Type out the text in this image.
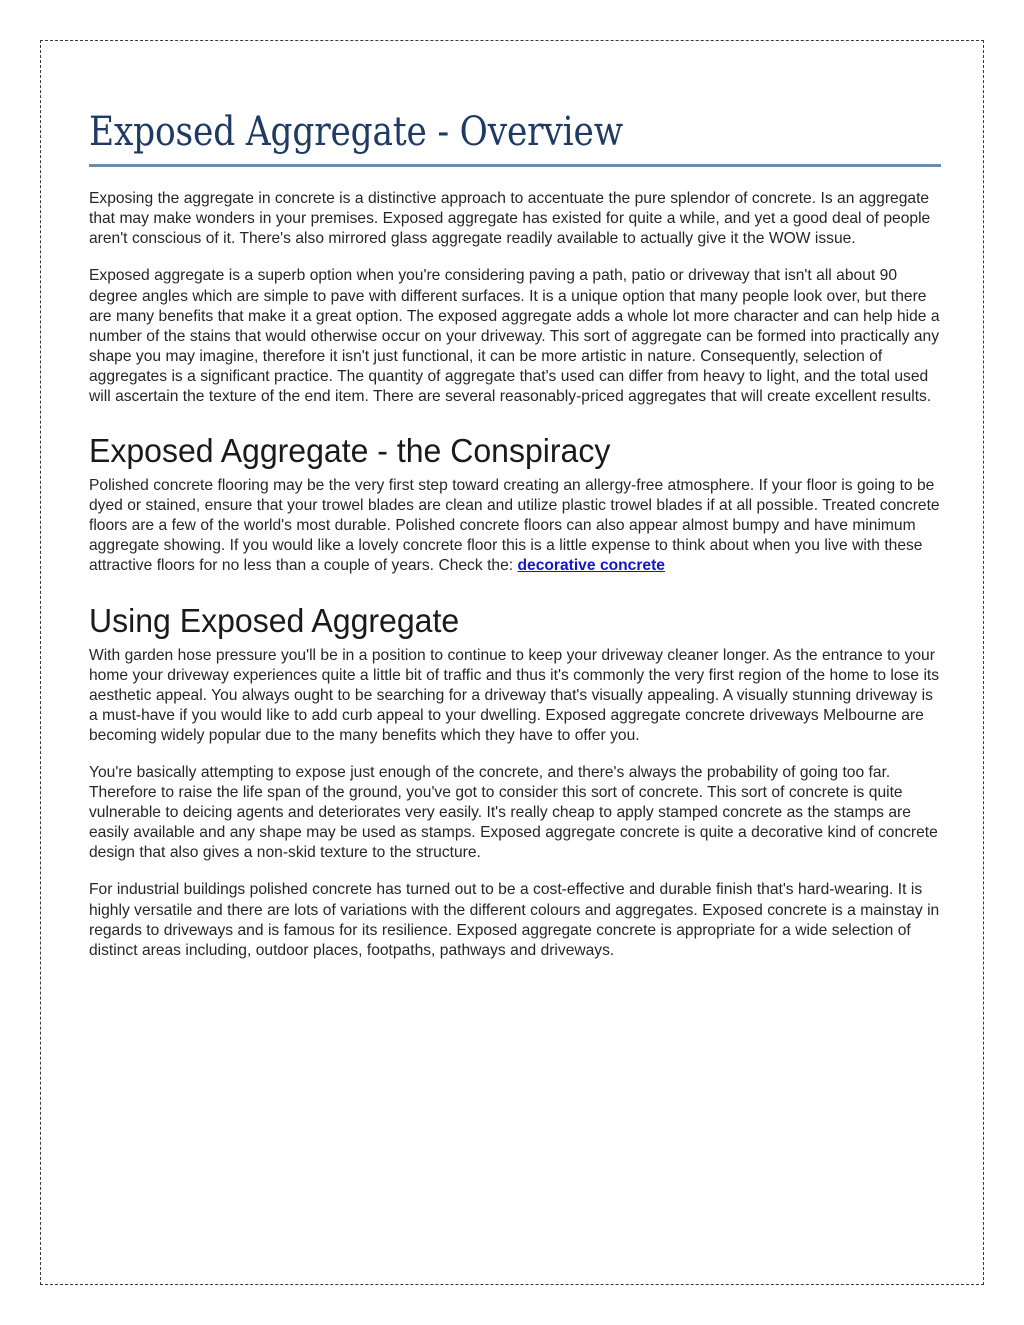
Exposed Aggregate - Overview

Exposing the aggregate in concrete is a distinctive approach to accentuate the pure splendor of concrete. Is an aggregate that may make wonders in your premises. Exposed aggregate has existed for quite a while, and yet a good deal of people aren't conscious of it. There's also mirrored glass aggregate readily available to actually give it the WOW issue.

Exposed aggregate is a superb option when you're considering paving a path, patio or driveway that isn't all about 90 degree angles which are simple to pave with different surfaces. It is a unique option that many people look over, but there are many benefits that make it a great option. The exposed aggregate adds a whole lot more character and can help hide a number of the stains that would otherwise occur on your driveway. This sort of aggregate can be formed into practically any shape you may imagine, therefore it isn't just functional, it can be more artistic in nature. Consequently, selection of aggregates is a significant practice. The quantity of aggregate that's used can differ from heavy to light, and the total used will ascertain the texture of the end item. There are several reasonably-priced aggregates that will create excellent results.

Exposed Aggregate - the Conspiracy

Polished concrete flooring may be the very first step toward creating an allergy-free atmosphere. If your floor is going to be dyed or stained, ensure that your trowel blades are clean and utilize plastic trowel blades if at all possible. Treated concrete floors are a few of the world's most durable. Polished concrete floors can also appear almost bumpy and have minimum aggregate showing. If you would like a lovely concrete floor this is a little expense to think about when you live with these attractive floors for no less than a couple of years. Check the: decorative concrete

Using Exposed Aggregate

With garden hose pressure you'll be in a position to continue to keep your driveway cleaner longer. As the entrance to your home your driveway experiences quite a little bit of traffic and thus it's commonly the very first region of the home to lose its aesthetic appeal. You always ought to be searching for a driveway that's visually appealing. A visually stunning driveway is a must-have if you would like to add curb appeal to your dwelling. Exposed aggregate concrete driveways Melbourne are becoming widely popular due to the many benefits which they have to offer you.

You're basically attempting to expose just enough of the concrete, and there's always the probability of going too far. Therefore to raise the life span of the ground, you've got to consider this sort of concrete. This sort of concrete is quite vulnerable to deicing agents and deteriorates very easily. It's really cheap to apply stamped concrete as the stamps are easily available and any shape may be used as stamps. Exposed aggregate concrete is quite a decorative kind of concrete design that also gives a non-skid texture to the structure.

For industrial buildings polished concrete has turned out to be a cost-effective and durable finish that's hard-wearing. It is highly versatile and there are lots of variations with the different colours and aggregates. Exposed concrete is a mainstay in regards to driveways and is famous for its resilience. Exposed aggregate concrete is appropriate for a wide selection of distinct areas including, outdoor places, footpaths, pathways and driveways.
